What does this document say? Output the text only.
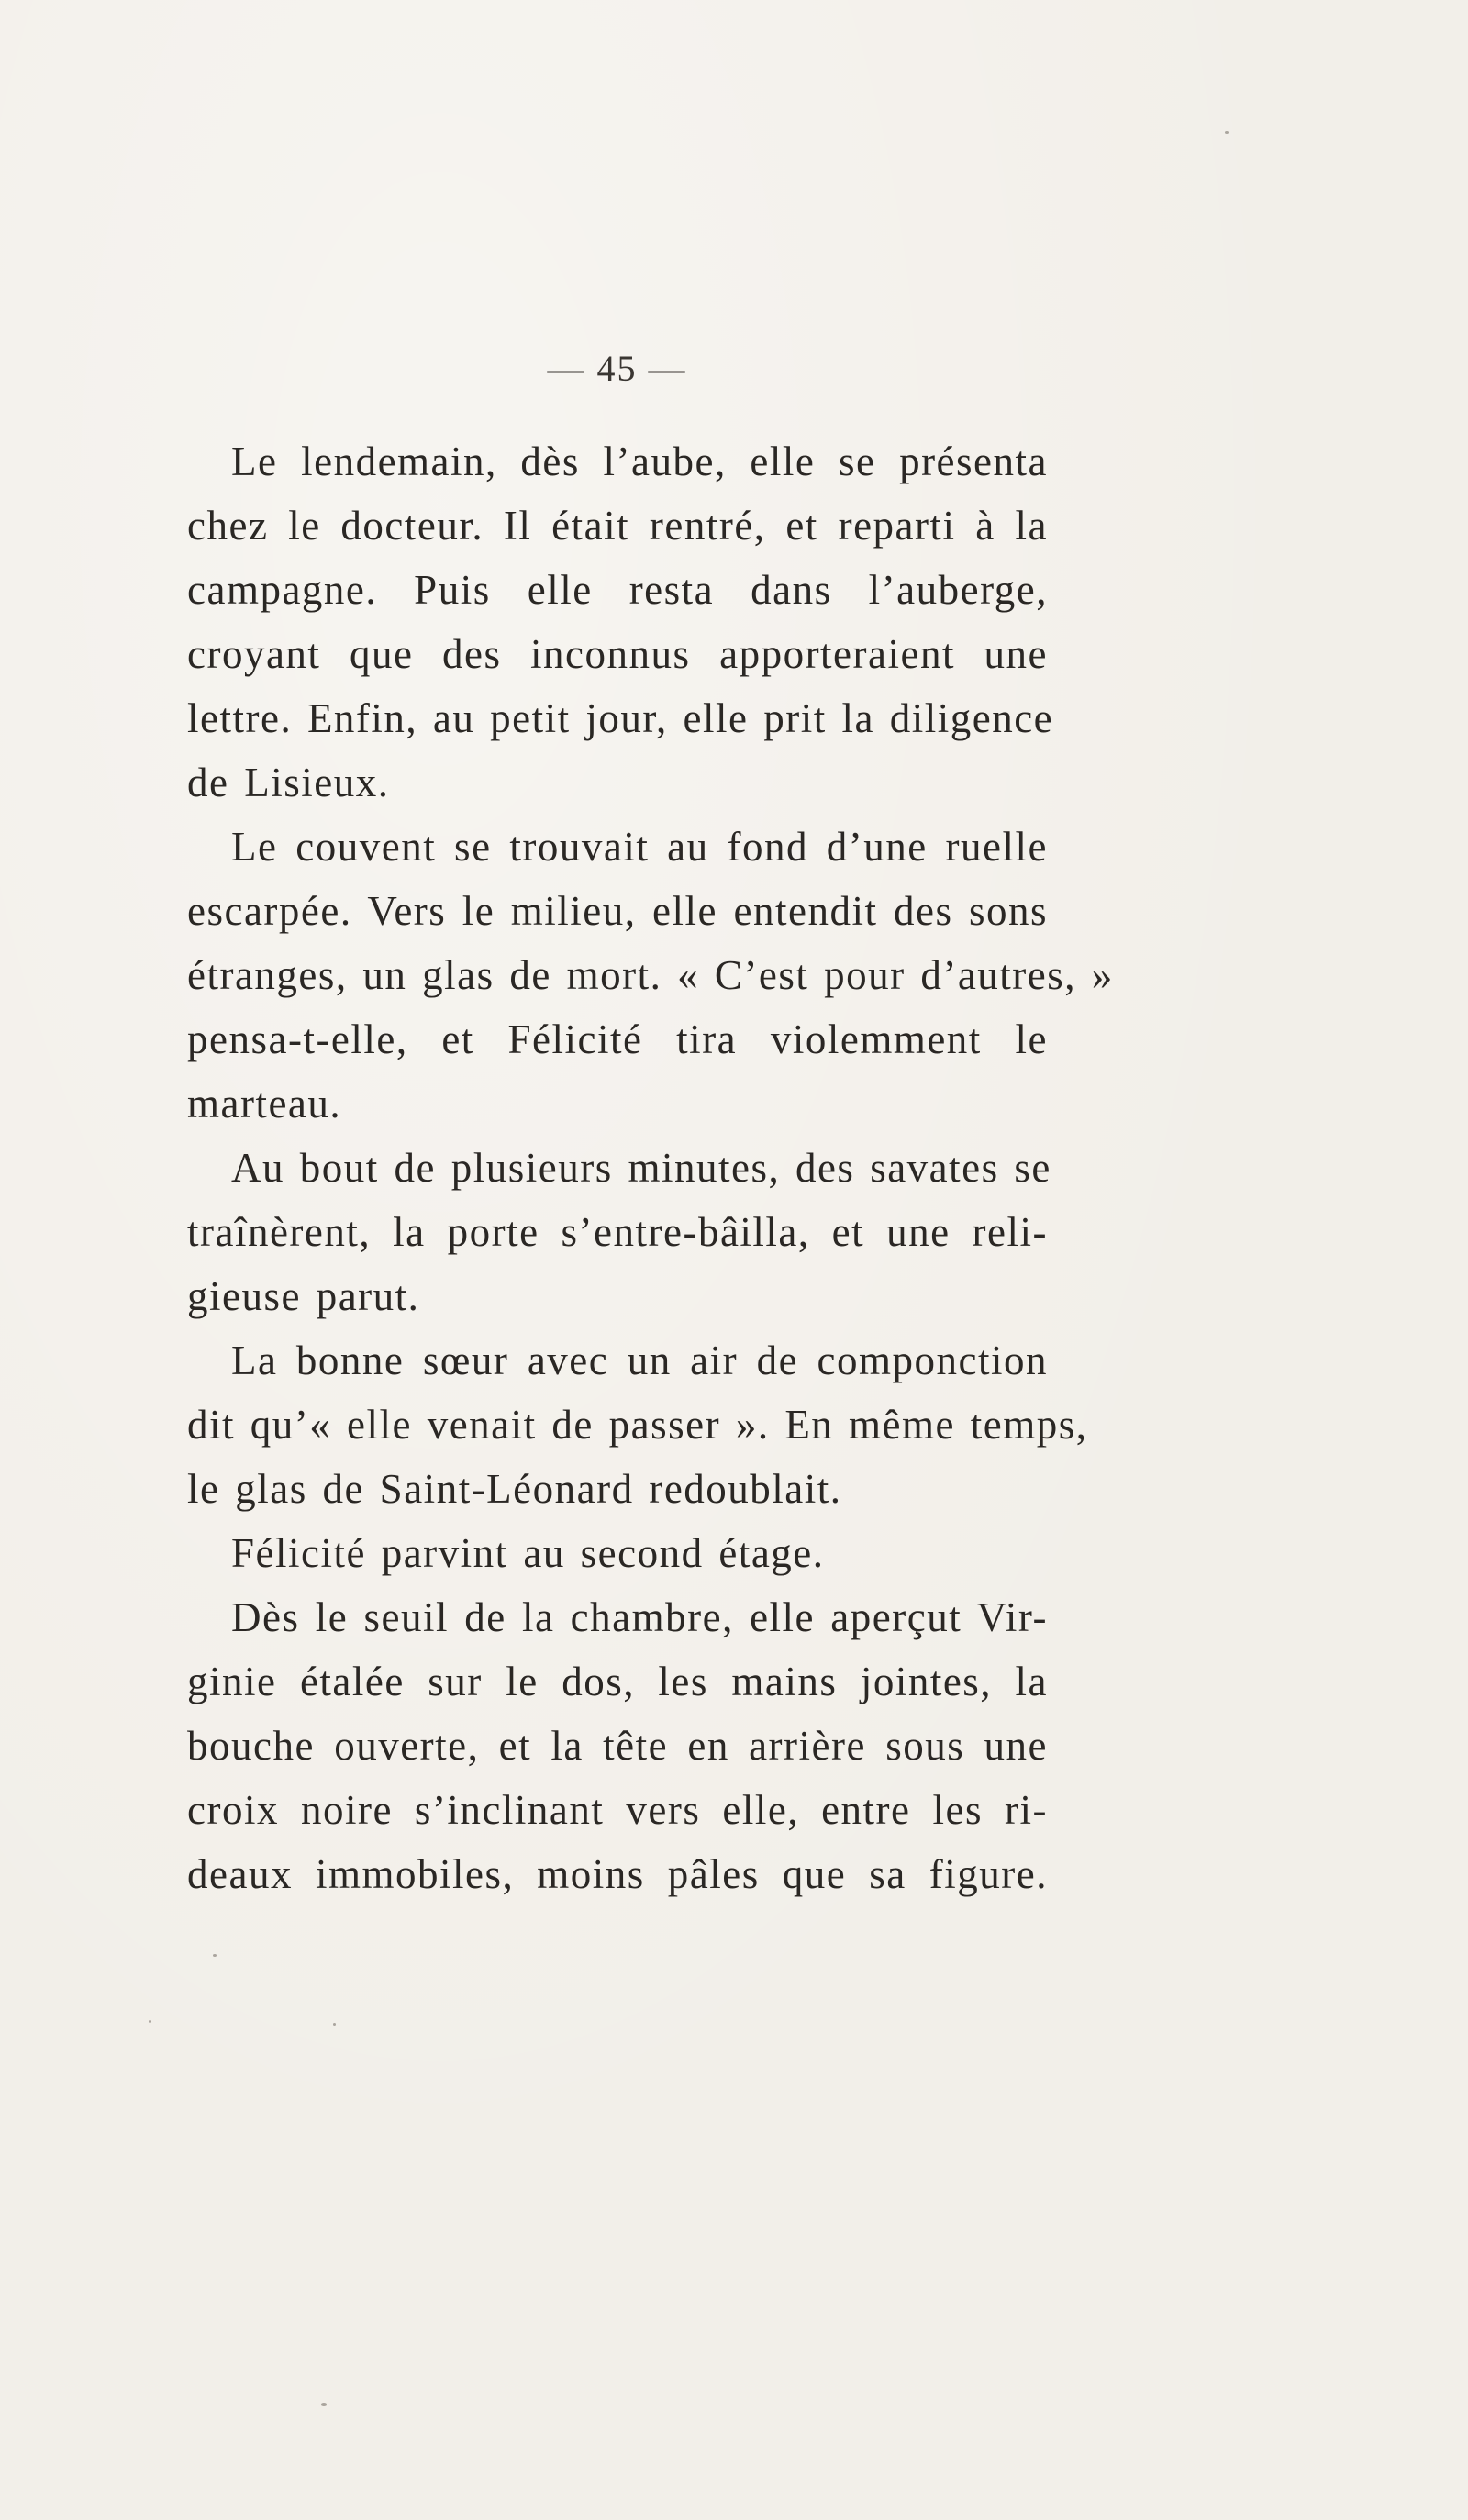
— 45 —

Le lendemain, dès l’aube, elle se présenta
chez le docteur. Il était rentré, et reparti à la
campagne. Puis elle resta dans l’auberge,
croyant que des inconnus apporteraient une
lettre. Enfin, au petit jour, elle prit la diligence
de Lisieux.

Le couvent se trouvait au fond d’une ruelle
escarpée. Vers le milieu, elle entendit des sons
étranges, un glas de mort. « C’est pour d’autres, »
pensa-t-elle, et Félicité tira violemment le
marteau.

Au bout de plusieurs minutes, des savates se
traînèrent, la porte s’entre-bâilla, et une reli-
gieuse parut.

La bonne sœur avec un air de componction
dit qu’« elle venait de passer ». En même temps,
le glas de Saint-Léonard redoublait.

Félicité parvint au second étage.

Dès le seuil de la chambre, elle aperçut Vir-
ginie étalée sur le dos, les mains jointes, la
bouche ouverte, et la tête en arrière sous une
croix noire s’inclinant vers elle, entre les ri-
deaux immobiles, moins pâles que sa figure.
